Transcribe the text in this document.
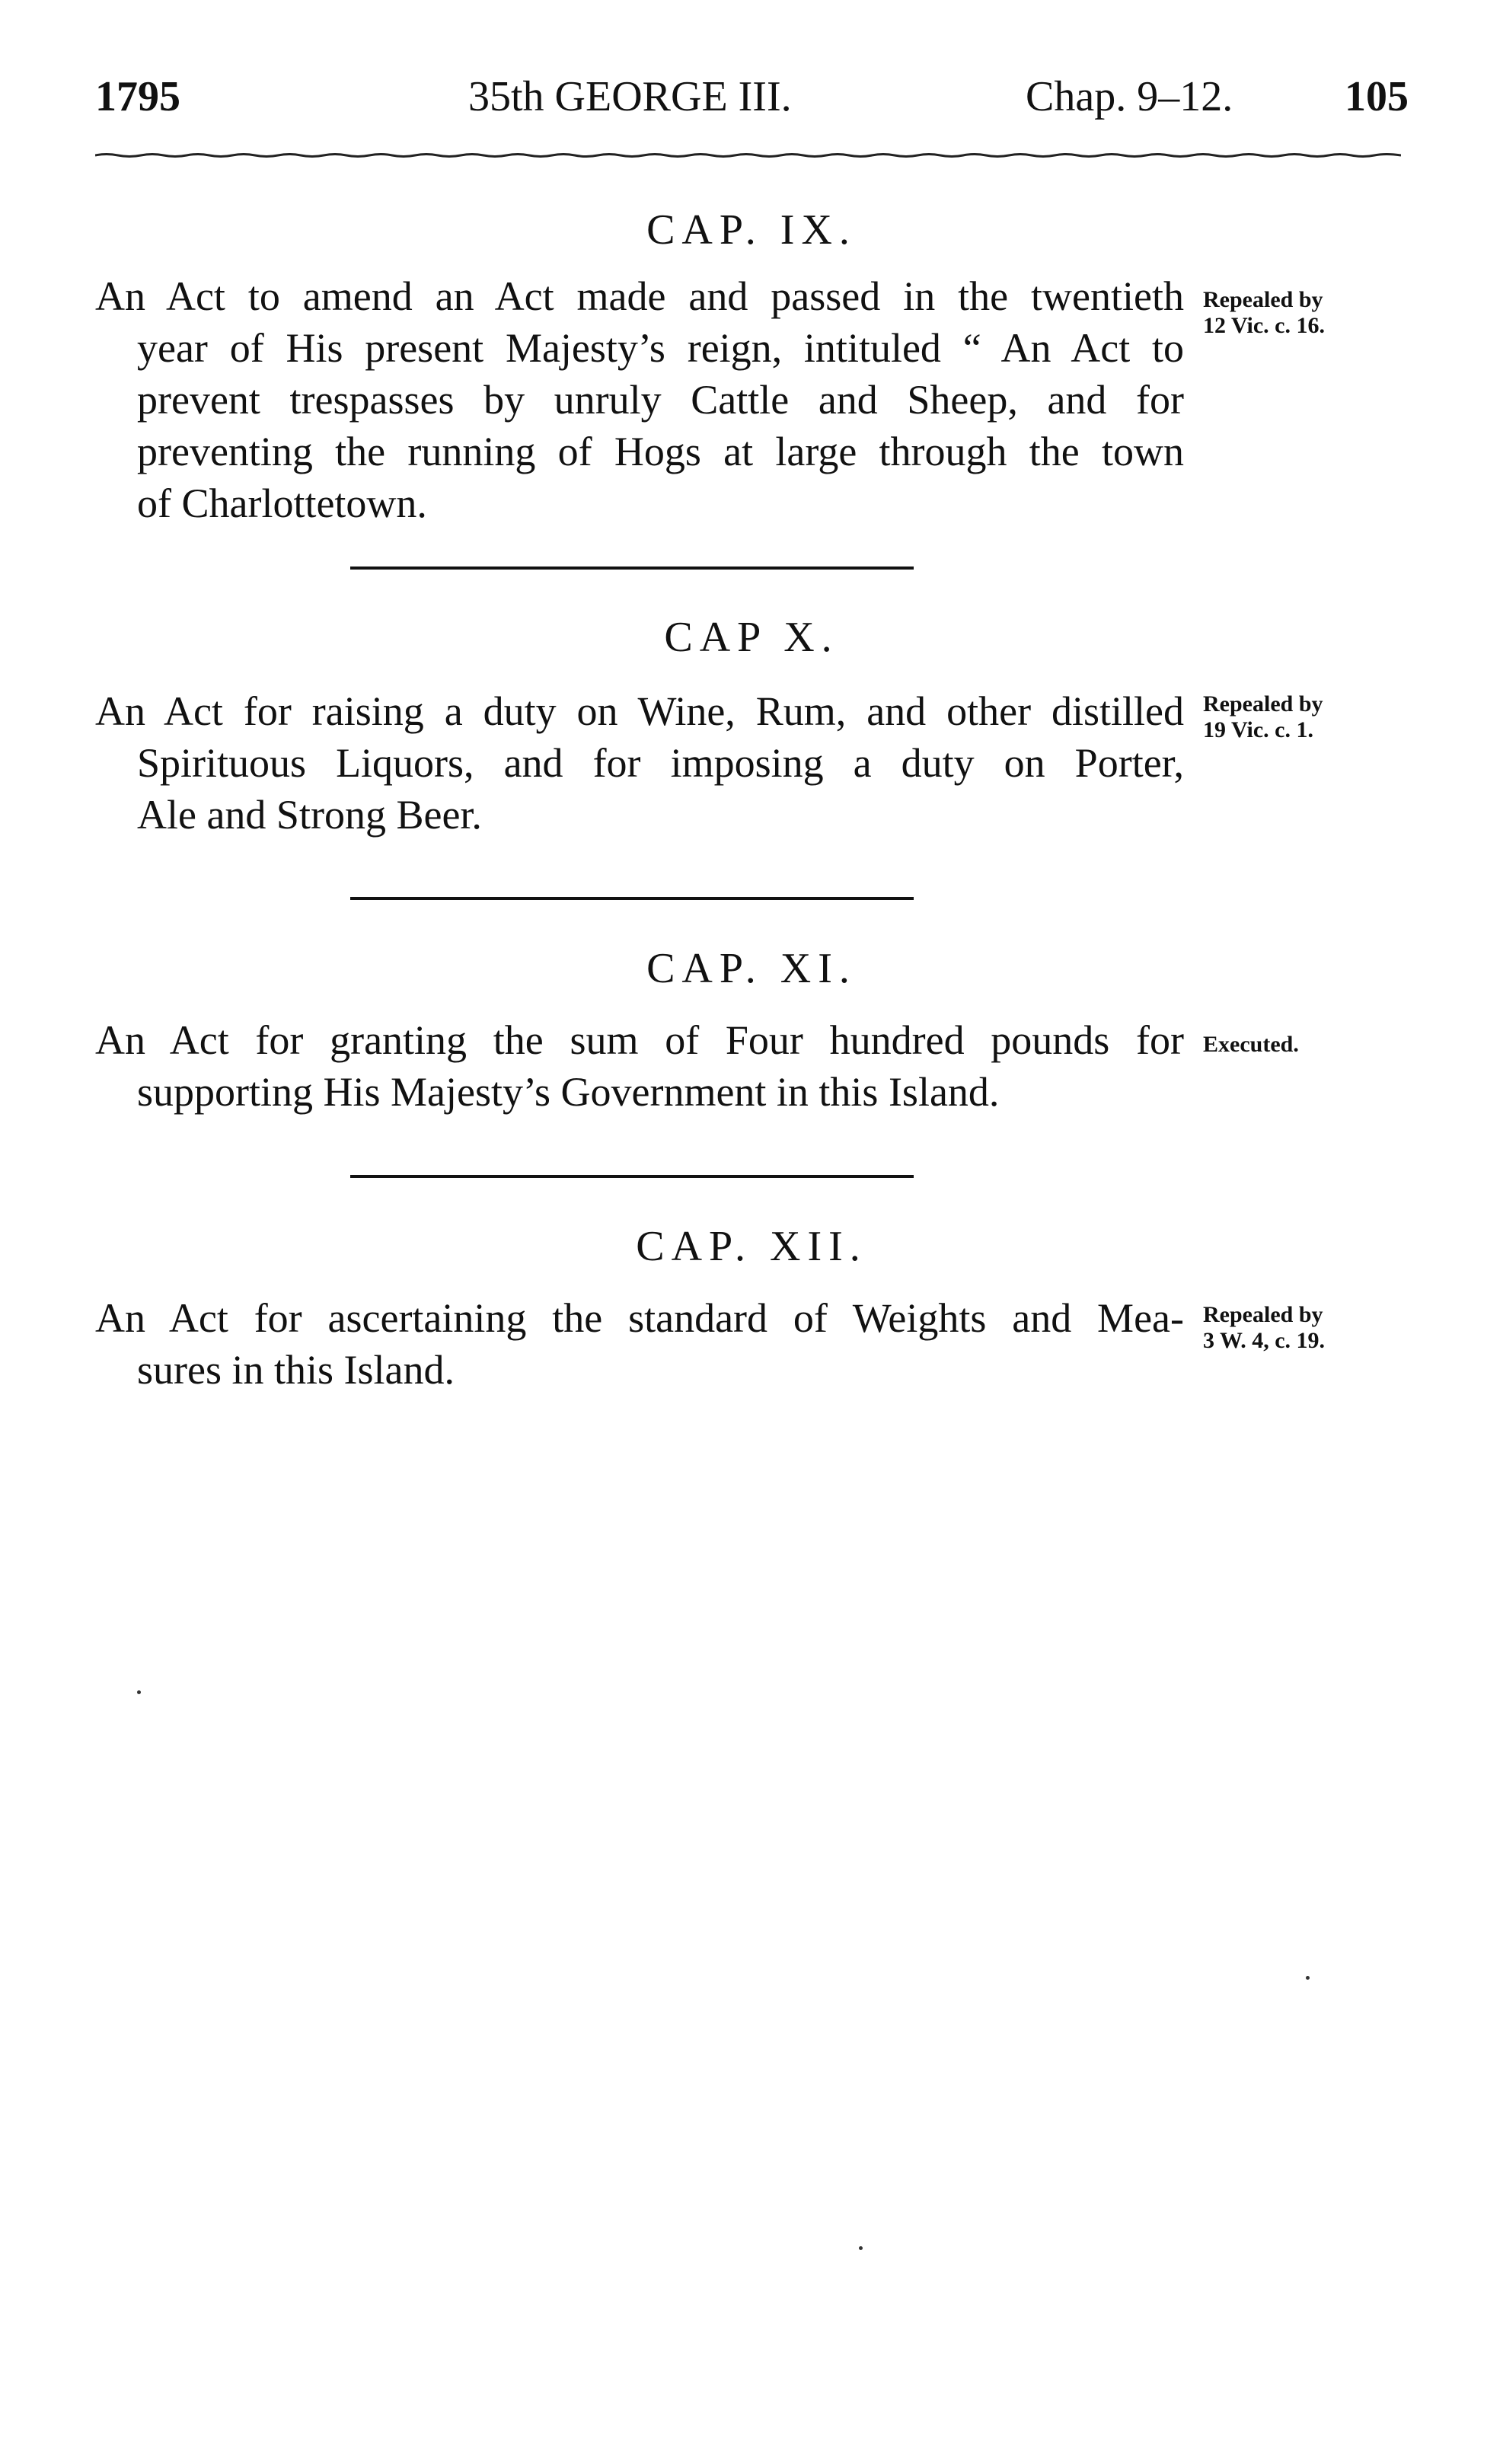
1795	35th GEORGE III.	Chap. 9–12.	105
CAP. IX.
An Act to amend an Act made and passed in the twentieth
year of His present Majesty’s reign, intituled “ An Act to
prevent trespasses by unruly Cattle and Sheep, and for
preventing the running of Hogs at large through the town
of Charlottetown.
Repealed by
12 Vic. c. 16.
CAP X.
An Act for raising a duty on Wine, Rum, and other distilled
Spirituous Liquors, and for imposing a duty on Porter,
Ale and Strong Beer.
Repealed by
19 Vic. c. 1.
CAP. XI.
An Act for granting the sum of Four hundred pounds for
supporting His Majesty’s Government in this Island.
Executed.
CAP. XII.
An Act for ascertaining the standard of Weights and Mea-
sures in this Island.
Repealed by
3 W. 4, c. 19.
